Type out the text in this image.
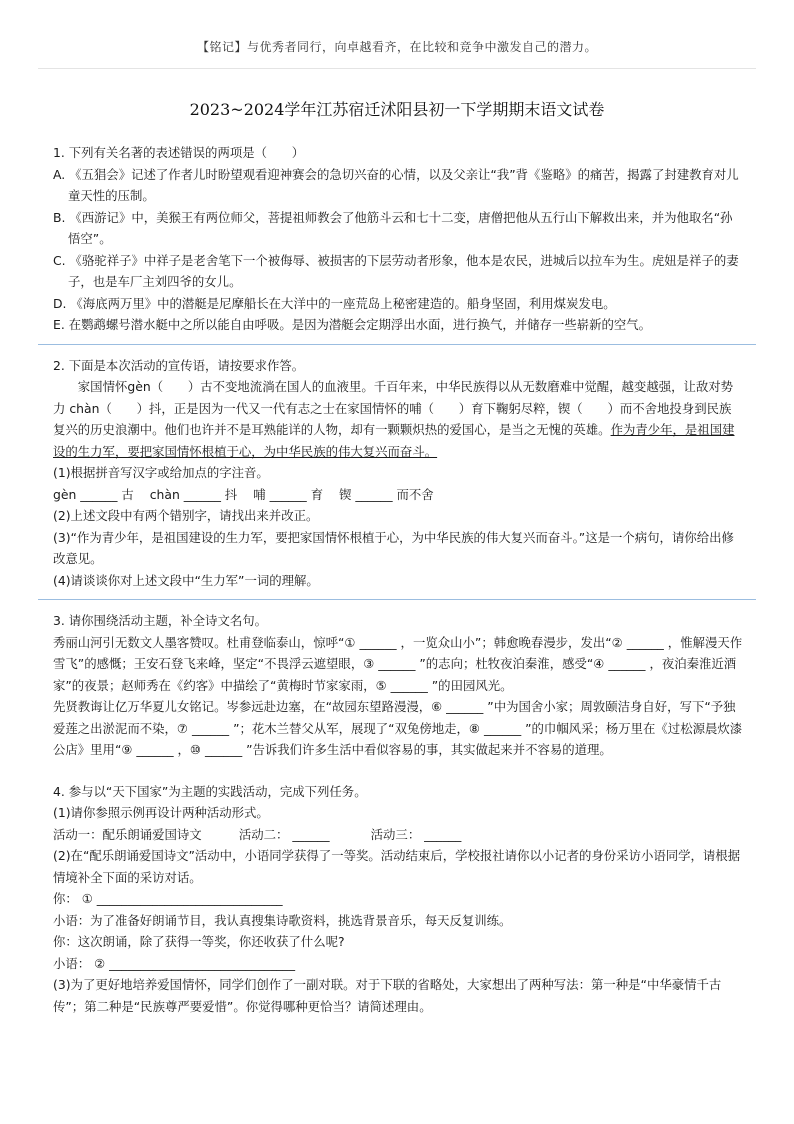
【铭记】与优秀者同行，向卓越看齐，在比较和竞争中激发自己的潜力。
2023~2024学年江苏宿迁沭阳县初一下学期期末语文试卷

1. 下列有关名著的表述错误的两项是（　　）

A. 《五猖会》记述了作者儿时盼望观看迎神赛会的急切兴奋的心情，以及父亲让“我”背《鉴略》的痛苦，揭露了封建教育对儿童天性的压制。

B. 《西游记》中，美猴王有两位师父，菩提祖师教会了他筋斗云和七十二变，唐僧把他从五行山下解救出来，并为他取名“孙悟空”。

C. 《骆驼祥子》中祥子是老舍笔下一个被侮辱、被损害的下层劳动者形象，他本是农民，进城后以拉车为生。虎妞是祥子的妻子，也是车厂主刘四爷的女儿。

D. 《海底两万里》中的潜艇是尼摩船长在大洋中的一座荒岛上秘密建造的。船身坚固，利用煤炭发电。

E. 在鹦鹉螺号潜水艇中之所以能自由呼吸。是因为潜艇会定期浮出水面，进行换气，并储存一些崭新的空气。

2. 下面是本次活动的宣传语，请按要求作答。

家国情怀gèn（　　）古不变地流淌在国人的血液里。千百年来，中华民族得以从无数磨难中觉醒，越变越强，让敌对势力 chàn（　　）抖，正是因为一代又一代有志之士在家国情怀的哺（　　）育下鞠躬尽粹，锲（　　）而不舍地投身到民族复兴的历史浪潮中。他们也许并不是耳熟能详的人物，却有一颗颗炽热的爱国心，是当之无愧的英雄。作为青少年，是祖国建设的生力军，要把家国情怀根植于心，为中华民族的伟大复兴而奋斗。

(1)根据拼音写汉字或给加点的字注音。

gèn ______ 古 chàn ______ 抖 哺 ______ 育 锲 ______ 而不舍

(2)上述文段中有两个错别字，请找出来并改正。

(3)“作为青少年，是祖国建设的生力军，要把家国情怀根植于心，为中华民族的伟大复兴而奋斗。”这是一个病句，请你给出修改意见。

(4)请谈谈你对上述文段中“生力军”一词的理解。

3. 请你围绕活动主题，补全诗文名句。

秀丽山河引无数文人墨客赞叹。杜甫登临泰山，惊呼“① ______ ，一览众山小”；韩愈晚春漫步，发出“② ______ ，惟解漫天作雪飞”的感慨；王安石登飞来峰，坚定“不畏浮云遮望眼，③ ______ ”的志向；杜牧夜泊秦淮，感受“④ ______ ，夜泊秦淮近酒家”的夜景；赵师秀在《约客》中描绘了“黄梅时节家家雨，⑤ ______ ”的田园风光。

先贤教诲让亿万华夏儿女铭记。岑参远赴边塞，在“故园东望路漫漫，⑥ ______ ”中为国舍小家；周敦颐洁身自好，写下“予独爱莲之出淤泥而不染，⑦ ______ ”；花木兰替父从军，展现了“双兔傍地走，⑧ ______ ”的巾帼风采；杨万里在《过松源晨炊漆公店》里用“⑨ ______ ，⑩ ______ ”告诉我们许多生活中看似容易的事，其实做起来并不容易的道理。

4. 参与以“天下国家”为主题的实践活动，完成下列任务。

(1)请你参照示例再设计两种活动形式。

活动一：配乐朗诵爱国诗文　　　活动二： ______ 　　　活动三： ______

(2)在“配乐朗诵爱国诗文”活动中，小语同学获得了一等奖。活动结束后，学校报社请你以小记者的身份采访小语同学，请根据情境补全下面的采访对话。

你： ① ______________________________

小语：为了准备好朗诵节目，我认真搜集诗歌资料，挑选背景音乐，每天反复训练。

你：这次朗诵，除了获得一等奖，你还收获了什么呢?

小语： ② ______________________________

(3)为了更好地培养爱国情怀，同学们创作了一副对联。对于下联的省略处，大家想出了两种写法：第一种是“中华豪情千古传”；第二种是“民族尊严要爱惜”。你觉得哪种更恰当？请简述理由。
